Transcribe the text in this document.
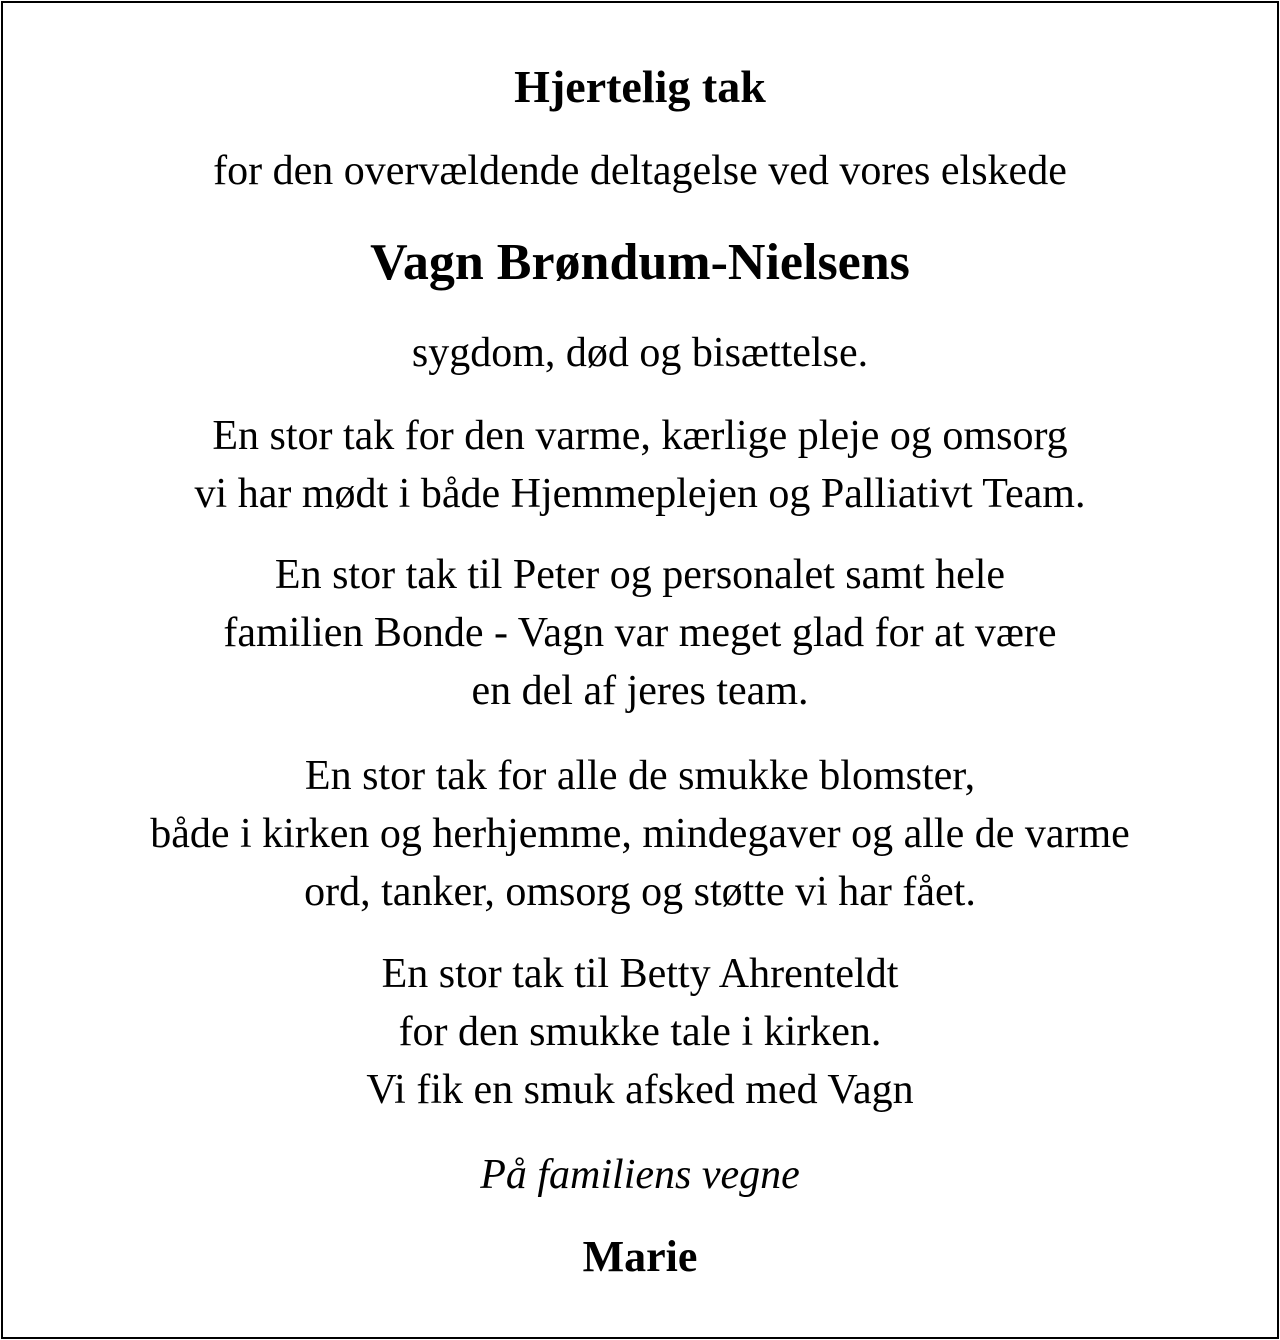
Hjertelig tak
for den overvældende deltagelse ved vores elskede
Vagn Brøndum-Nielsens
sygdom, død og bisættelse.
En stor tak for den varme, kærlige pleje og omsorg
vi har mødt i både Hjemmeplejen og Palliativt Team.
En stor tak til Peter og personalet samt hele
familien Bonde - Vagn var meget glad for at være
en del af jeres team.
En stor tak for alle de smukke blomster,
både i kirken og herhjemme, mindegaver og alle de varme
ord, tanker, omsorg og støtte vi har fået.
En stor tak til Betty Ahrenteldt
for den smukke tale i kirken.
Vi fik en smuk afsked med Vagn
På familiens vegne
Marie
